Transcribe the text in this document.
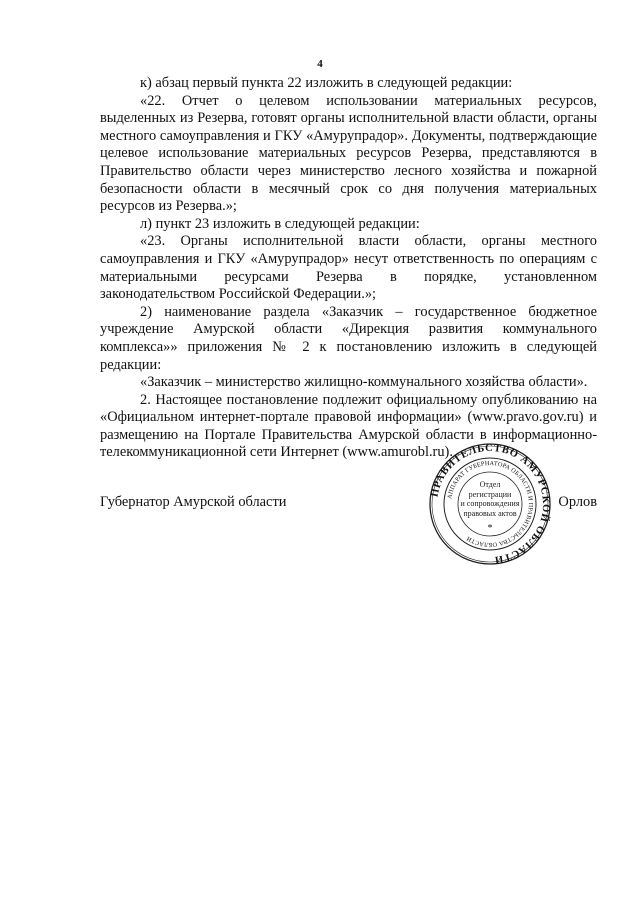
4

к) абзац первый пункта 22 изложить в следующей редакции:

«22. Отчет о целевом использовании материальных ресурсов, выделенных из Резерва, готовят органы исполнительной власти области, органы местного самоуправления и ГКУ «Амурупрадор». Документы, подтверждающие целевое использование материальных ресурсов Резерва, представляются в Правительство области через министерство лесного хозяйства и пожарной безопасности области в месячный срок со дня получения материальных ресурсов из Резерва.»;

л) пункт 23 изложить в следующей редакции:

«23. Органы исполнительной власти области, органы местного самоуправления и ГКУ «Амурупрадор» несут ответственность по операциям с материальными ресурсами Резерва в порядке, установленном законодательством Российской Федерации.»;

2) наименование раздела «Заказчик – государственное бюджетное учреждение Амурской области «Дирекция развития коммунального комплекса»» приложения № 2 к постановлению изложить в следующей редакции:

«Заказчик – министерство жилищно-коммунального хозяйства области».

2. Настоящее постановление подлежит официальному опубликованию на «Официальном интернет-портале правовой информации» (www.pravo.gov.ru) и размещению на Портале Правительства Амурской области в информационно-телекоммуникационной сети Интернет (www.amurobl.ru).

Губернатор Амурской области
ПРАВИТЕЛЬСТВО АМУРСКОЙ ОБЛАСТИ
АППАРАТ ГУБЕРНАТОРА ОБЛАСТИ И ПРАВИТЕЛЬСТВА ОБЛАСТИ
Отдел
регистрации
и сопровождения
правовых актов
*
Орлов
